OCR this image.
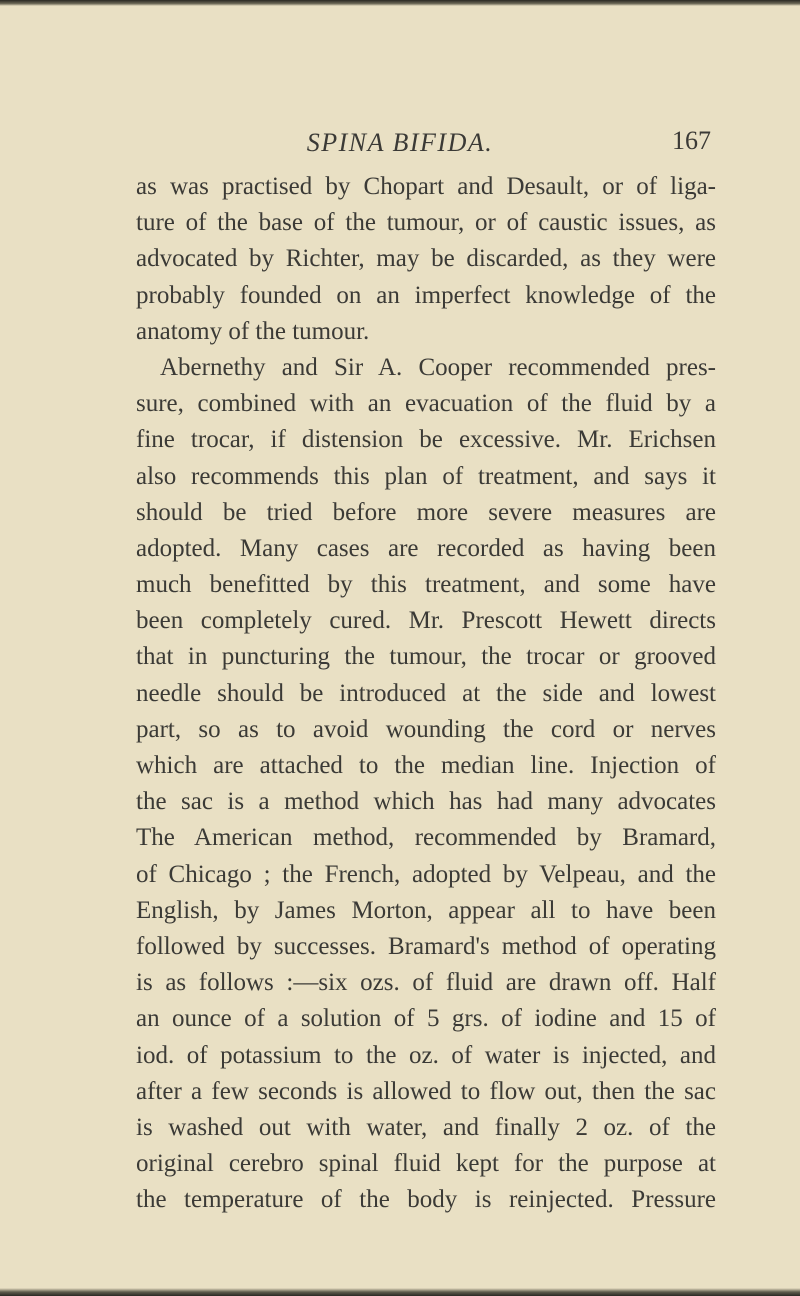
SPINA BIFIDA.	167
as was practised by Chopart and Desault, or of liga-
ture of the base of the tumour, or of caustic issues, as
advocated by Richter, may be discarded, as they were
probably founded on an imperfect knowledge of the
anatomy of the tumour.
Abernethy and Sir A. Cooper recommended pres-
sure, combined with an evacuation of the fluid by a
fine trocar, if distension be excessive. Mr. Erichsen
also recommends this plan of treatment, and says it
should be tried before more severe measures are
adopted. Many cases are recorded as having been
much benefitted by this treatment, and some have
been completely cured. Mr. Prescott Hewett directs
that in puncturing the tumour, the trocar or grooved
needle should be introduced at the side and lowest
part, so as to avoid wounding the cord or nerves
which are attached to the median line. Injection of
the sac is a method which has had many advocates
The American method, recommended by Bramard,
of Chicago ; the French, adopted by Velpeau, and the
English, by James Morton, appear all to have been
followed by successes. Bramard's method of operating
is as follows :—six ozs. of fluid are drawn off. Half
an ounce of a solution of 5 grs. of iodine and 15 of
iod. of potassium to the oz. of water is injected, and
after a few seconds is allowed to flow out, then the sac
is washed out with water, and finally 2 oz. of the
original cerebro spinal fluid kept for the purpose at
the temperature of the body is reinjected. Pressure
